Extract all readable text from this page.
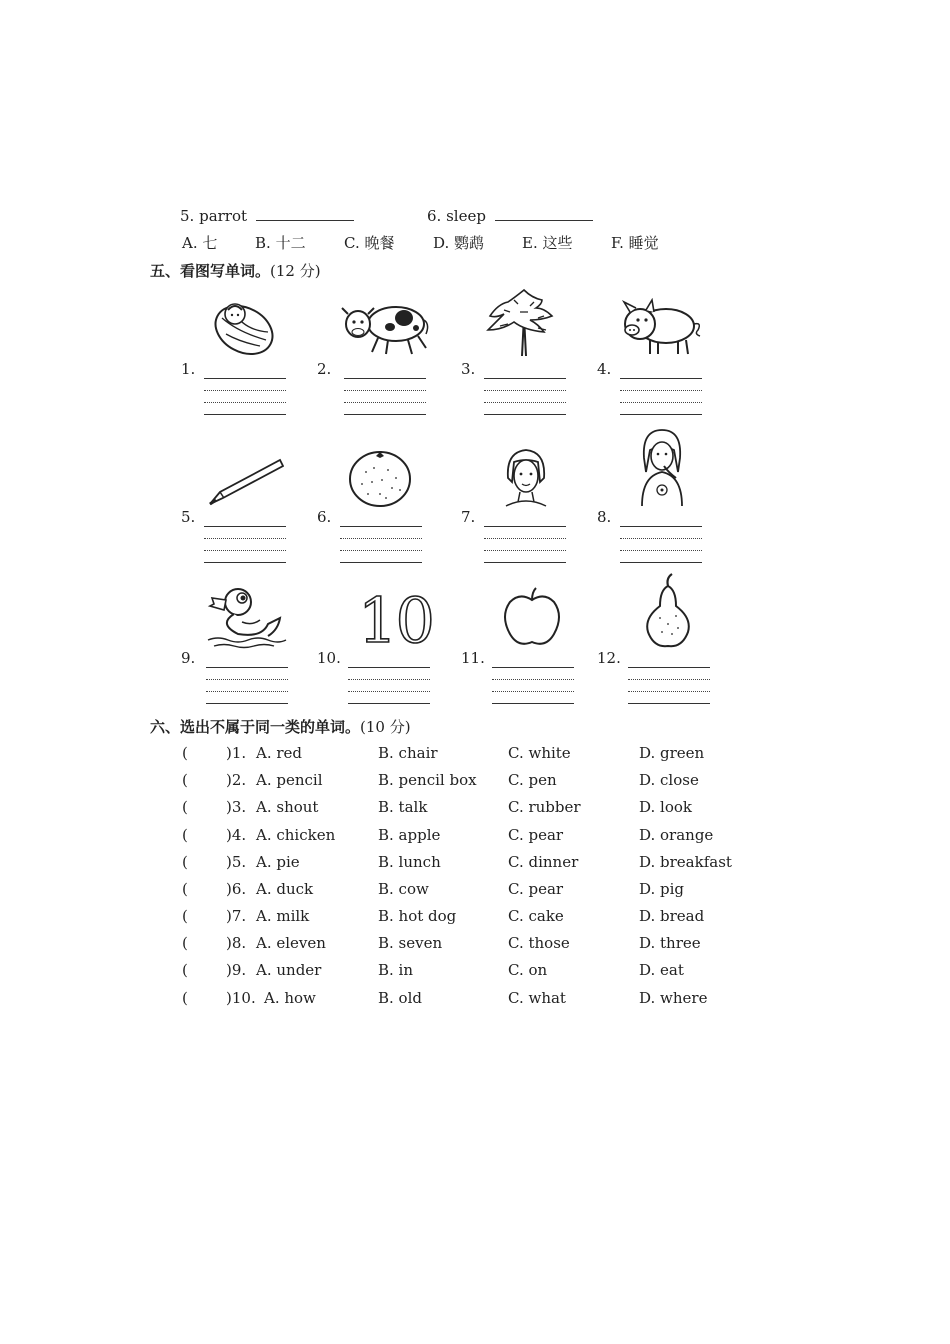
5. parrot	6. sleep
A. 七	B. 十二	C. 晚餐	D. 鹦鹉	E. 这些	F. 睡觉
五、看图写单词。(12 分)
10
1.	2.	3.	4.
5.	6.	7.	8.
9.	10.	11.	12.
六、选出不属于同一类的单词。(10 分)
(	)1. A. red	B. chair	C. white	D. green
(	)2. A. pencil	B. pencil box C. pen	D. close
(	)3. A. shout	B. talk	C. rubber	D. look
(	)4. A. chicken	B. apple	C. pear	D. orange
(	)5. A. pie	B. lunch	C. dinner	D. breakfast
(	)6. A. duck	B. cow	C. pear	D. pig
(	)7. A. milk	B. hot dog	C. cake	D. bread
(	)8. A. eleven	B. seven	C. those	D. three
(	)9. A. under	B. in	C. on	D. eat
(	)10. A. how	B. old	C. what	D. where
